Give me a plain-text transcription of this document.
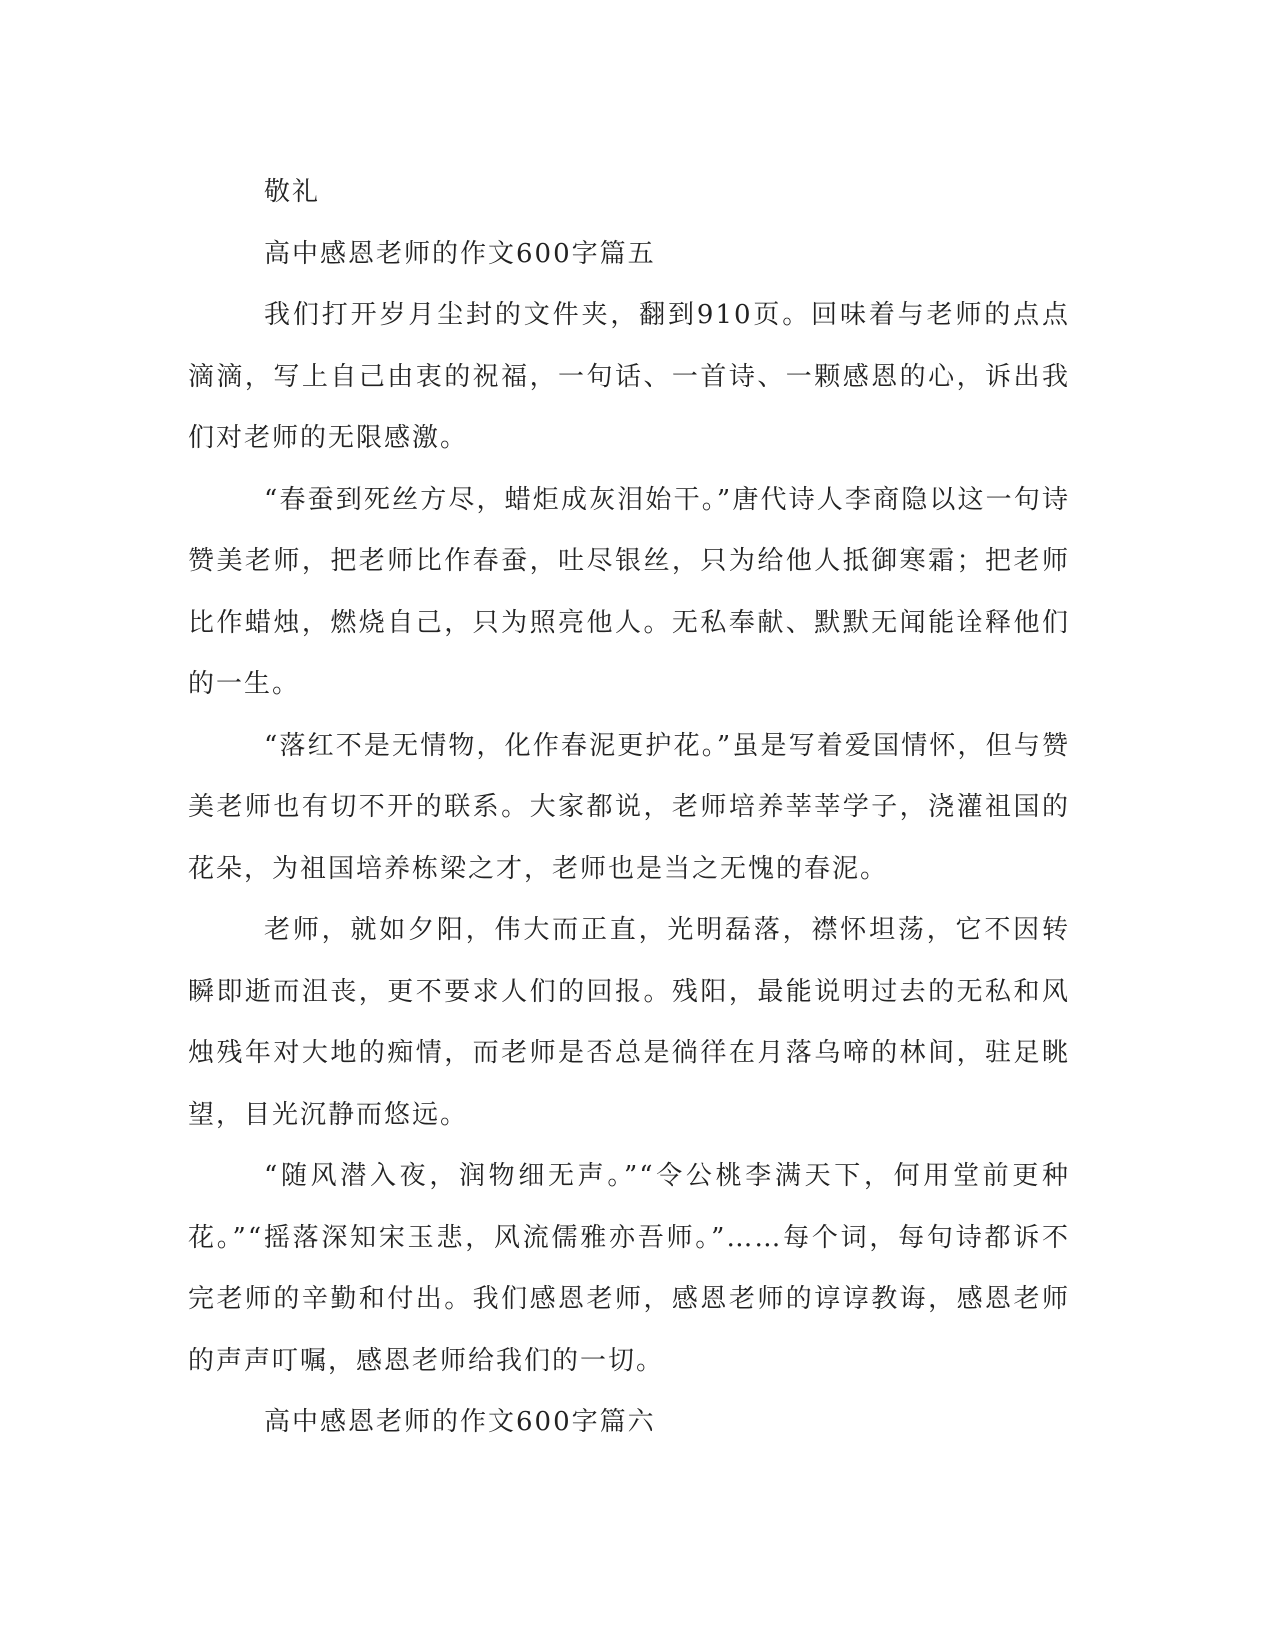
敬礼

高中感恩老师的作文600字篇五

我们打开岁月尘封的文件夹，翻到910页。回味着与老师的点点滴滴，写上自己由衷的祝福，一句话、一首诗、一颗感恩的心，诉出我们对老师的无限感激。

“春蚕到死丝方尽，蜡炬成灰泪始干。”唐代诗人李商隐以这一句诗赞美老师，把老师比作春蚕，吐尽银丝，只为给他人抵御寒霜；把老师比作蜡烛，燃烧自己，只为照亮他人。无私奉献、默默无闻能诠释他们的一生。

“落红不是无情物，化作春泥更护花。”虽是写着爱国情怀，但与赞美老师也有切不开的联系。大家都说，老师培养莘莘学子，浇灌祖国的花朵，为祖国培养栋梁之才，老师也是当之无愧的春泥。

老师，就如夕阳，伟大而正直，光明磊落，襟怀坦荡，它不因转瞬即逝而沮丧，更不要求人们的回报。残阳，最能说明过去的无私和风烛残年对大地的痴情，而老师是否总是徜徉在月落乌啼的林间，驻足眺望，目光沉静而悠远。

“随风潜入夜，润物细无声。”“令公桃李满天下，何用堂前更种花。”“摇落深知宋玉悲，风流儒雅亦吾师。”……每个词，每句诗都诉不完老师的辛勤和付出。我们感恩老师，感恩老师的谆谆教诲，感恩老师的声声叮嘱，感恩老师给我们的一切。

高中感恩老师的作文600字篇六
